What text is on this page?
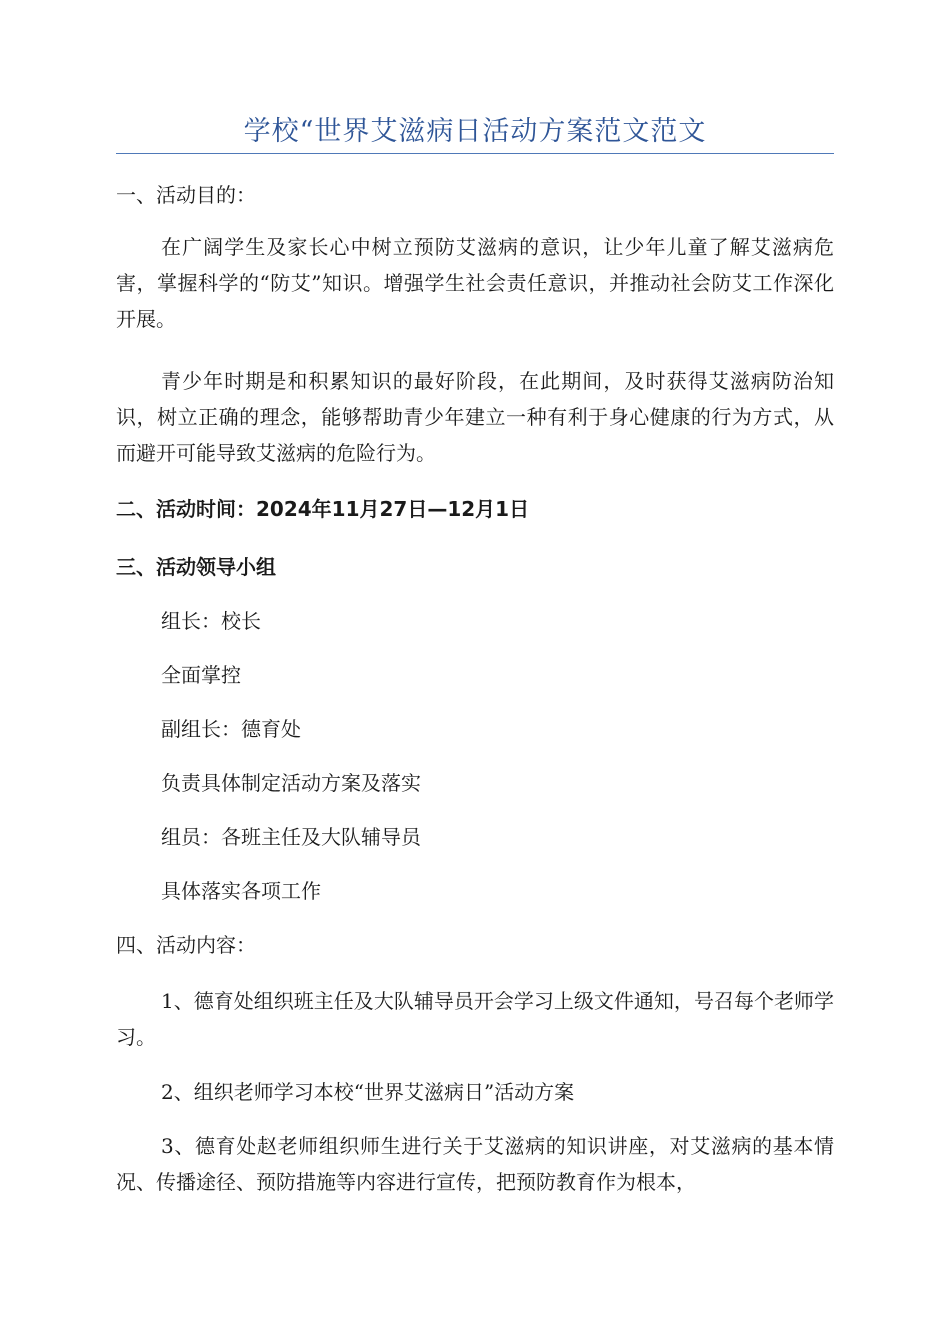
学校“世界艾滋病日活动方案范文范文
一、活动目的：
在广阔学生及家长心中树立预防艾滋病的意识，让少年儿童了解艾滋病危害，掌握科学的“防艾”知识。增强学生社会责任意识，并推动社会防艾工作深化开展。
青少年时期是和积累知识的最好阶段，在此期间，及时获得艾滋病防治知识，树立正确的理念，能够帮助青少年建立一种有利于身心健康的行为方式，从而避开可能导致艾滋病的危险行为。
二、活动时间：2024年11月27日—12月1日
三、活动领导小组
组长：校长
全面掌控
副组长：德育处
负责具体制定活动方案及落实
组员：各班主任及大队辅导员
具体落实各项工作
四、活动内容：
1、德育处组织班主任及大队辅导员开会学习上级文件通知，号召每个老师学习。
2、组织老师学习本校“世界艾滋病日”活动方案
3、德育处赵老师组织师生进行关于艾滋病的知识讲座，对艾滋病的基本情况、传播途径、预防措施等内容进行宣传，把预防教育作为根本，
